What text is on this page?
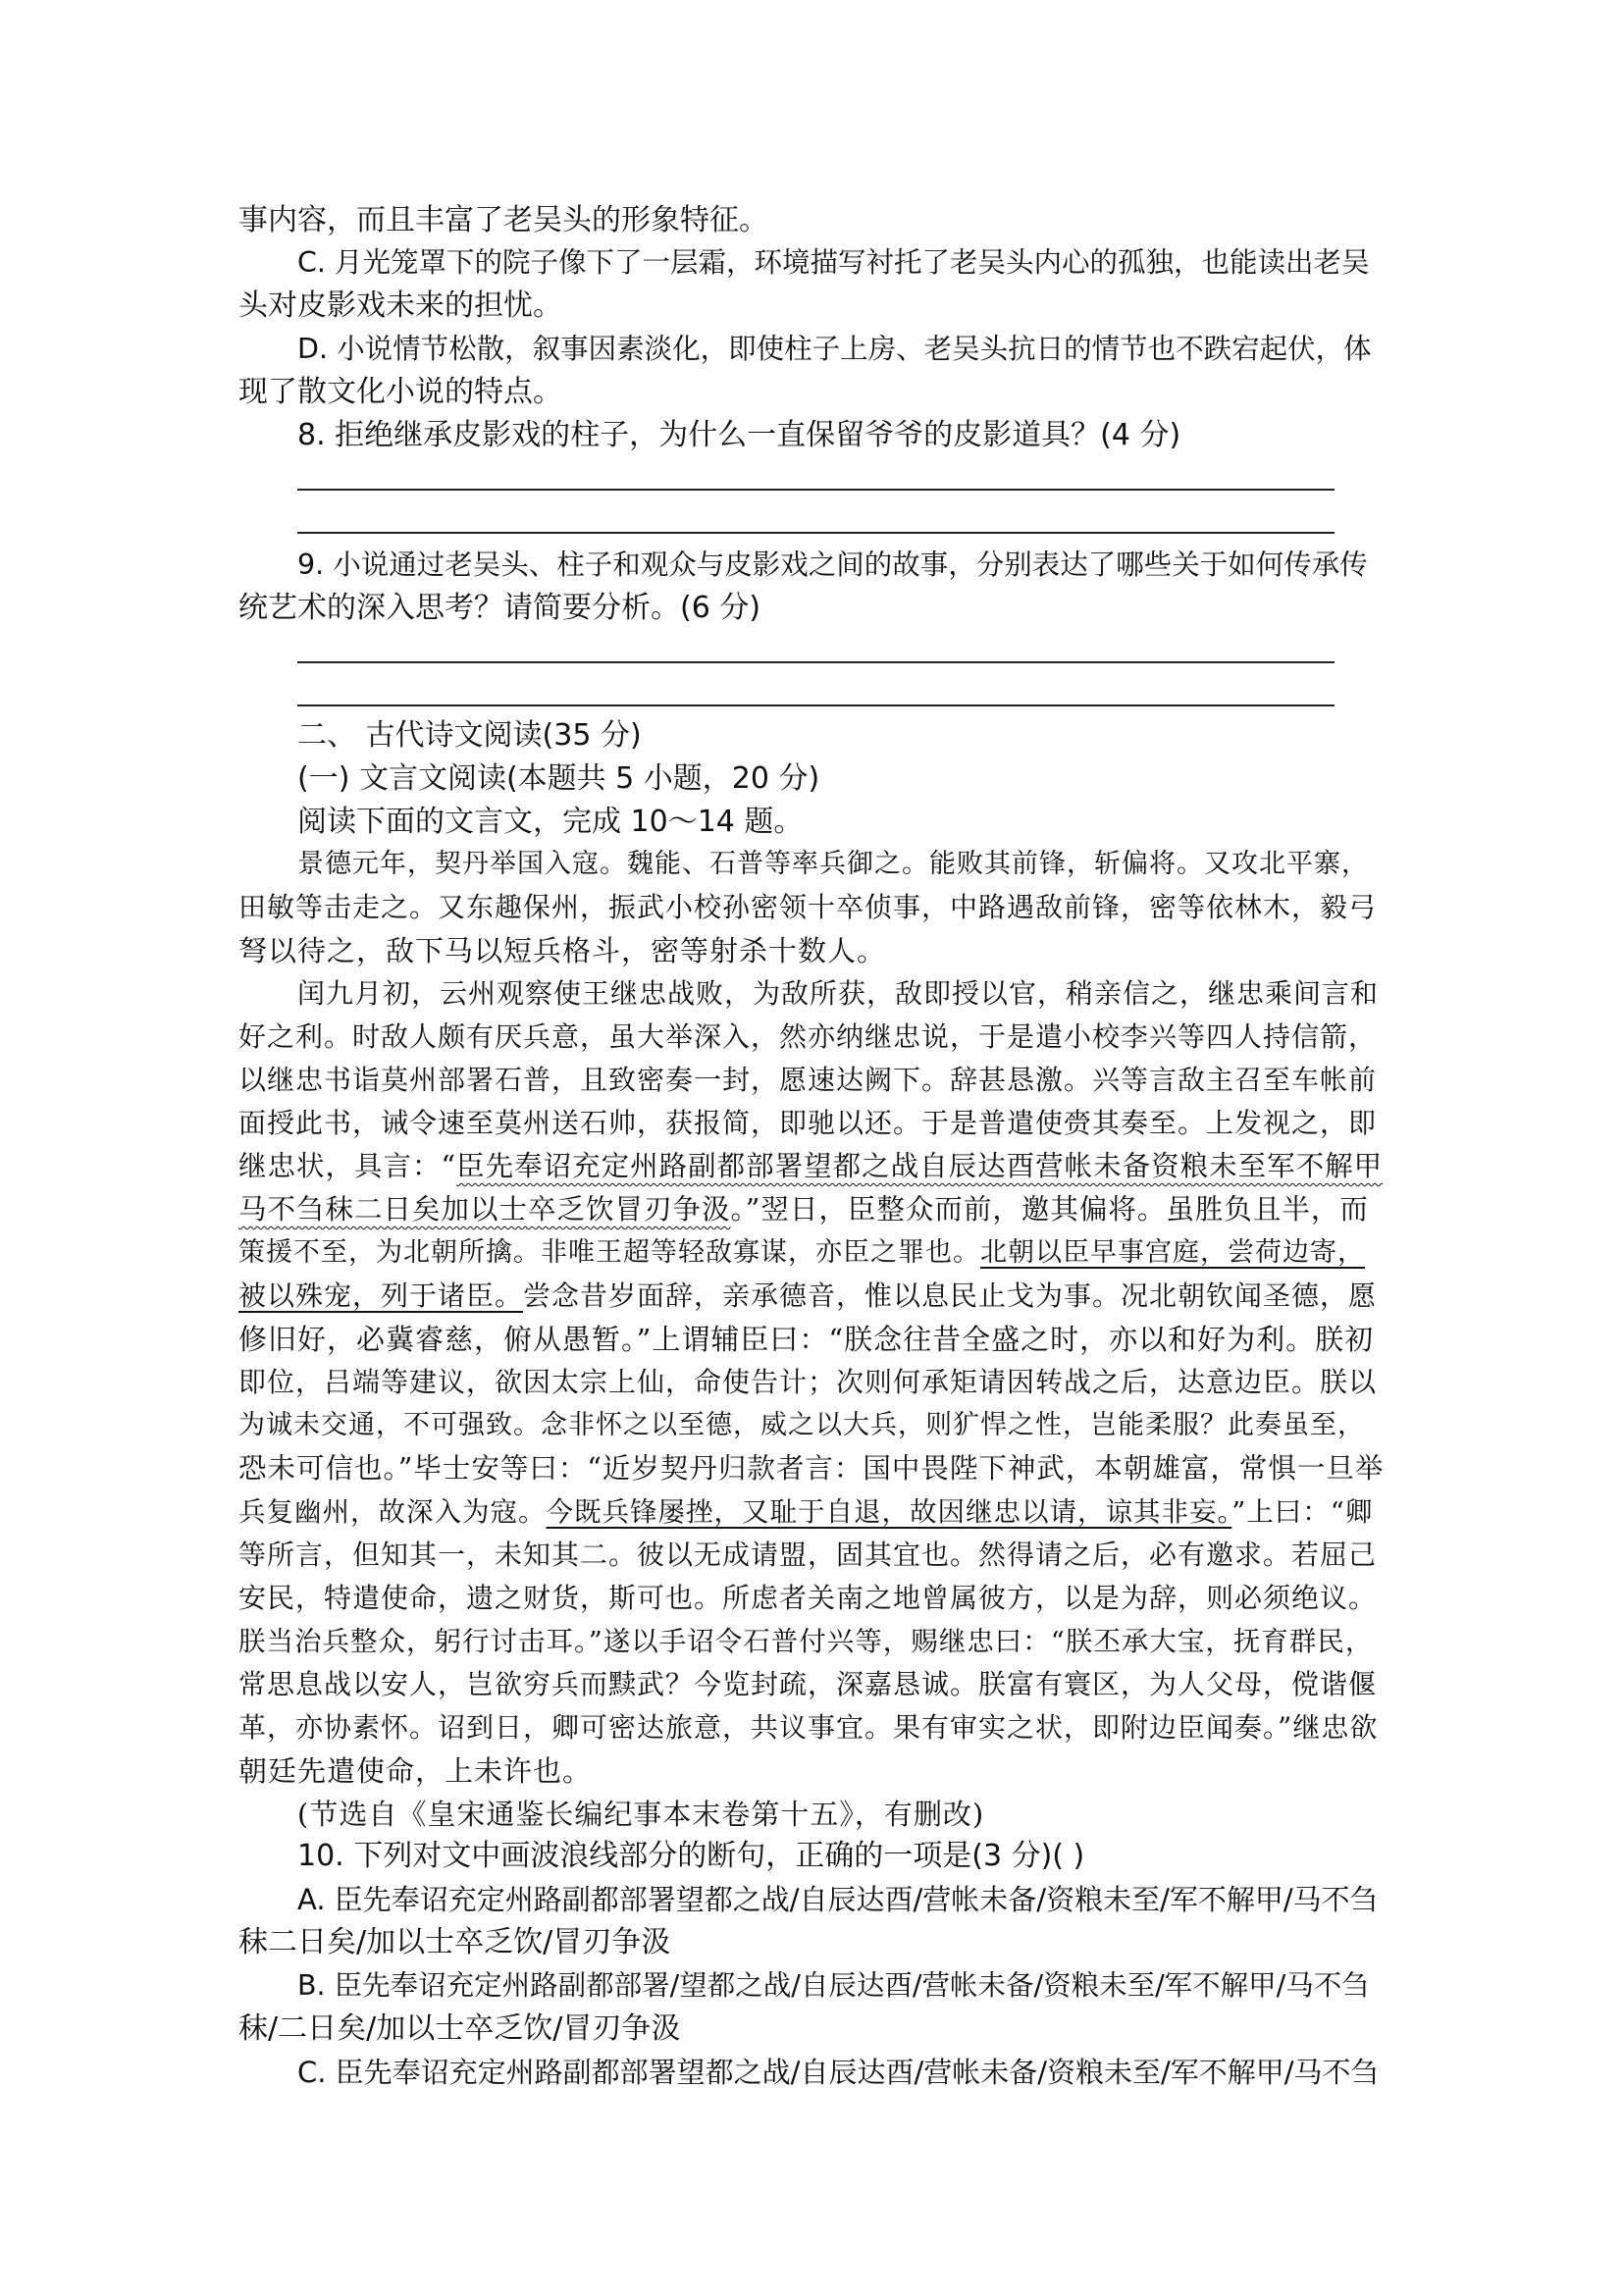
事内容，而且丰富了老吴头的形象特征。
C. 月光笼罩下的院子像下了一层霜，环境描写衬托了老吴头内心的孤独，也能读出老吴
头对皮影戏未来的担忧。
D. 小说情节松散，叙事因素淡化，即使柱子上房、老吴头抗日的情节也不跌宕起伏，体
现了散文化小说的特点。
8. 拒绝继承皮影戏的柱子，为什么一直保留爷爷的皮影道具？(4 分)
9. 小说通过老吴头、柱子和观众与皮影戏之间的故事，分别表达了哪些关于如何传承传
统艺术的深入思考？请简要分析。(6 分)
二、 古代诗文阅读(35 分)
(一) 文言文阅读(本题共 5 小题，20 分)
阅读下面的文言文，完成 10～14 题。
景德元年，契丹举国入寇。魏能、石普等率兵御之。能败其前锋，斩偏将。又攻北平寨，
田敏等击走之。又东趣保州，振武小校孙密领十卒侦事，中路遇敌前锋，密等依林木，毅弓
弩以待之，敌下马以短兵格斗，密等射杀十数人。
闰九月初，云州观察使王继忠战败，为敌所获，敌即授以官，稍亲信之，继忠乘间言和
好之利。时敌人颇有厌兵意，虽大举深入，然亦纳继忠说，于是遣小校李兴等四人持信箭，
以继忠书诣莫州部署石普，且致密奏一封，愿速达阙下。辞甚恳激。兴等言敌主召至车帐前
面授此书，诫令速至莫州送石帅，获报简，即驰以还。于是普遣使赍其奏至。上发视之，即
继忠状，具言：“臣先奉诏充定州路副都部署望都之战自辰达酉营帐未备资粮未至军不解甲
马不刍秣二日矣加以士卒乏饮冒刃争汲。”翌日，臣整众而前，邀其偏将。虽胜负且半，而
策援不至，为北朝所擒。非唯王超等轻敌寡谋，亦臣之罪也。北朝以臣早事宫庭，尝荷边寄，
被以殊宠，列于诸臣。尝念昔岁面辞，亲承德音，惟以息民止戈为事。况北朝钦闻圣德，愿
修旧好，必冀睿慈，俯从愚暂。”上谓辅臣曰：“朕念往昔全盛之时，亦以和好为利。朕初
即位，吕端等建议，欲因太宗上仙，命使告计；次则何承矩请因转战之后，达意边臣。朕以
为诚未交通，不可强致。念非怀之以至德，威之以大兵，则犷悍之性，岂能柔服？此奏虽至，
恐未可信也。”毕士安等曰：“近岁契丹归款者言：国中畏陛下神武，本朝雄富，常惧一旦举
兵复幽州，故深入为寇。今既兵锋屡挫，又耻于自退，故因继忠以请，谅其非妄。”上曰：“卿
等所言，但知其一，未知其二。彼以无成请盟，固其宜也。然得请之后，必有邀求。若屈己
安民，特遣使命，遗之财货，斯可也。所虑者关南之地曾属彼方，以是为辞，则必须绝议。
朕当治兵整众，躬行讨击耳。”遂以手诏令石普付兴等，赐继忠曰：“朕丕承大宝，抚育群民，
常思息战以安人，岂欲穷兵而黩武？今览封疏，深嘉恳诚。朕富有寰区，为人父母，傥谐偃
革，亦协素怀。诏到日，卿可密达旅意，共议事宜。果有审实之状，即附边臣闻奏。”继忠欲
朝廷先遣使命，上未许也。
(节选自《皇宋通鉴长编纪事本末卷第十五》，有删改)
10. 下列对文中画波浪线部分的断句，正确的一项是(3 分)( )
A. 臣先奉诏充定州路副都部署望都之战/自辰达酉/营帐未备/资粮未至/军不解甲/马不刍
秣二日矣/加以士卒乏饮/冒刃争汲
B. 臣先奉诏充定州路副都部署/望都之战/自辰达酉/营帐未备/资粮未至/军不解甲/马不刍
秣/二日矣/加以士卒乏饮/冒刃争汲
C. 臣先奉诏充定州路副都部署望都之战/自辰达酉/营帐未备/资粮未至/军不解甲/马不刍
